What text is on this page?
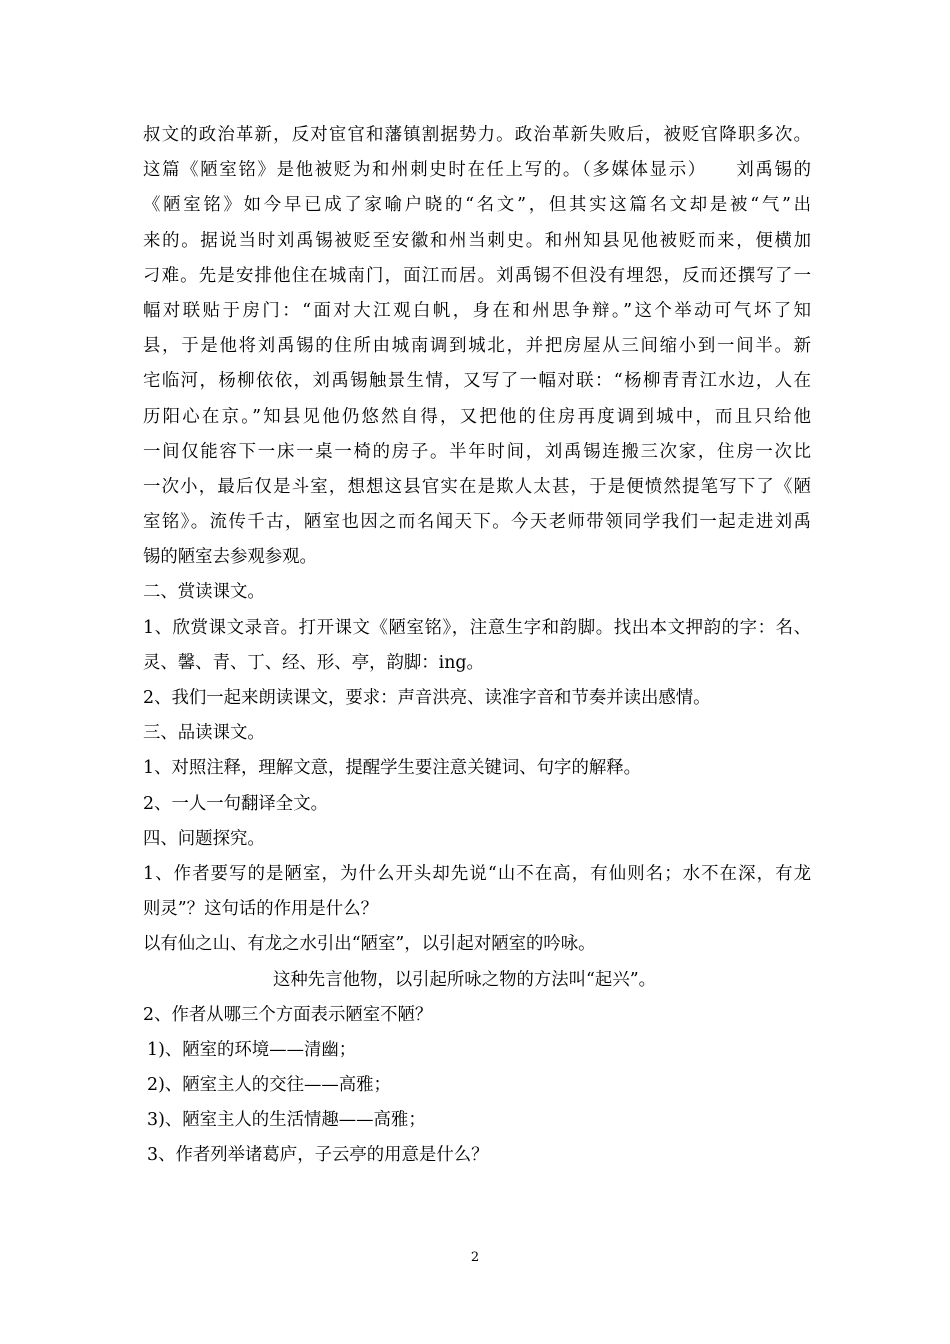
叔文的政治革新，反对宦官和藩镇割据势力。政治革新失败后，被贬官降职多次。
这篇《陋室铭》是他被贬为和州刺史时在任上写的。（多媒体显示）　　刘禹锡的
《陋室铭》如今早已成了家喻户晓的“名文”，但其实这篇名文却是被“气”出
来的。据说当时刘禹锡被贬至安徽和州当刺史。和州知县见他被贬而来，便横加
刁难。先是安排他住在城南门，面江而居。刘禹锡不但没有埋怨，反而还撰写了一
幅对联贴于房门：“面对大江观白帆，身在和州思争辩。”这个举动可气坏了知
县，于是他将刘禹锡的住所由城南调到城北，并把房屋从三间缩小到一间半。新
宅临河，杨柳依依，刘禹锡触景生情，又写了一幅对联：“杨柳青青江水边，人在
历阳心在京。”知县见他仍悠然自得，又把他的住房再度调到城中，而且只给他
一间仅能容下一床一桌一椅的房子。半年时间，刘禹锡连搬三次家，住房一次比
一次小，最后仅是斗室，想想这县官实在是欺人太甚，于是便愤然提笔写下了《陋
室铭》。流传千古，陋室也因之而名闻天下。今天老师带领同学我们一起走进刘禹
锡的陋室去参观参观。
二、赏读课文。
1、欣赏课文录音。打开课文《陋室铭》，注意生字和韵脚。找出本文押韵的字：名、
灵、馨、青、丁、经、形、亭，韵脚：ing。
2、我们一起来朗读课文，要求：声音洪亮、读准字音和节奏并读出感情。
三、品读课文。
1、对照注释，理解文意，提醒学生要注意关键词、句字的解释。
2、一人一句翻译全文。
四、问题探究。
1、作者要写的是陋室，为什么开头却先说“山不在高，有仙则名；水不在深，有龙
则灵”？这句话的作用是什么？
以有仙之山、有龙之水引出“陋室”，以引起对陋室的吟咏。
这种先言他物，以引起所咏之物的方法叫“起兴”。
2、作者从哪三个方面表示陋室不陋？
1)、陋室的环境——清幽；
2)、陋室主人的交往——高雅；
3)、陋室主人的生活情趣——高雅；
3、作者列举诸葛庐，子云亭的用意是什么？
2
